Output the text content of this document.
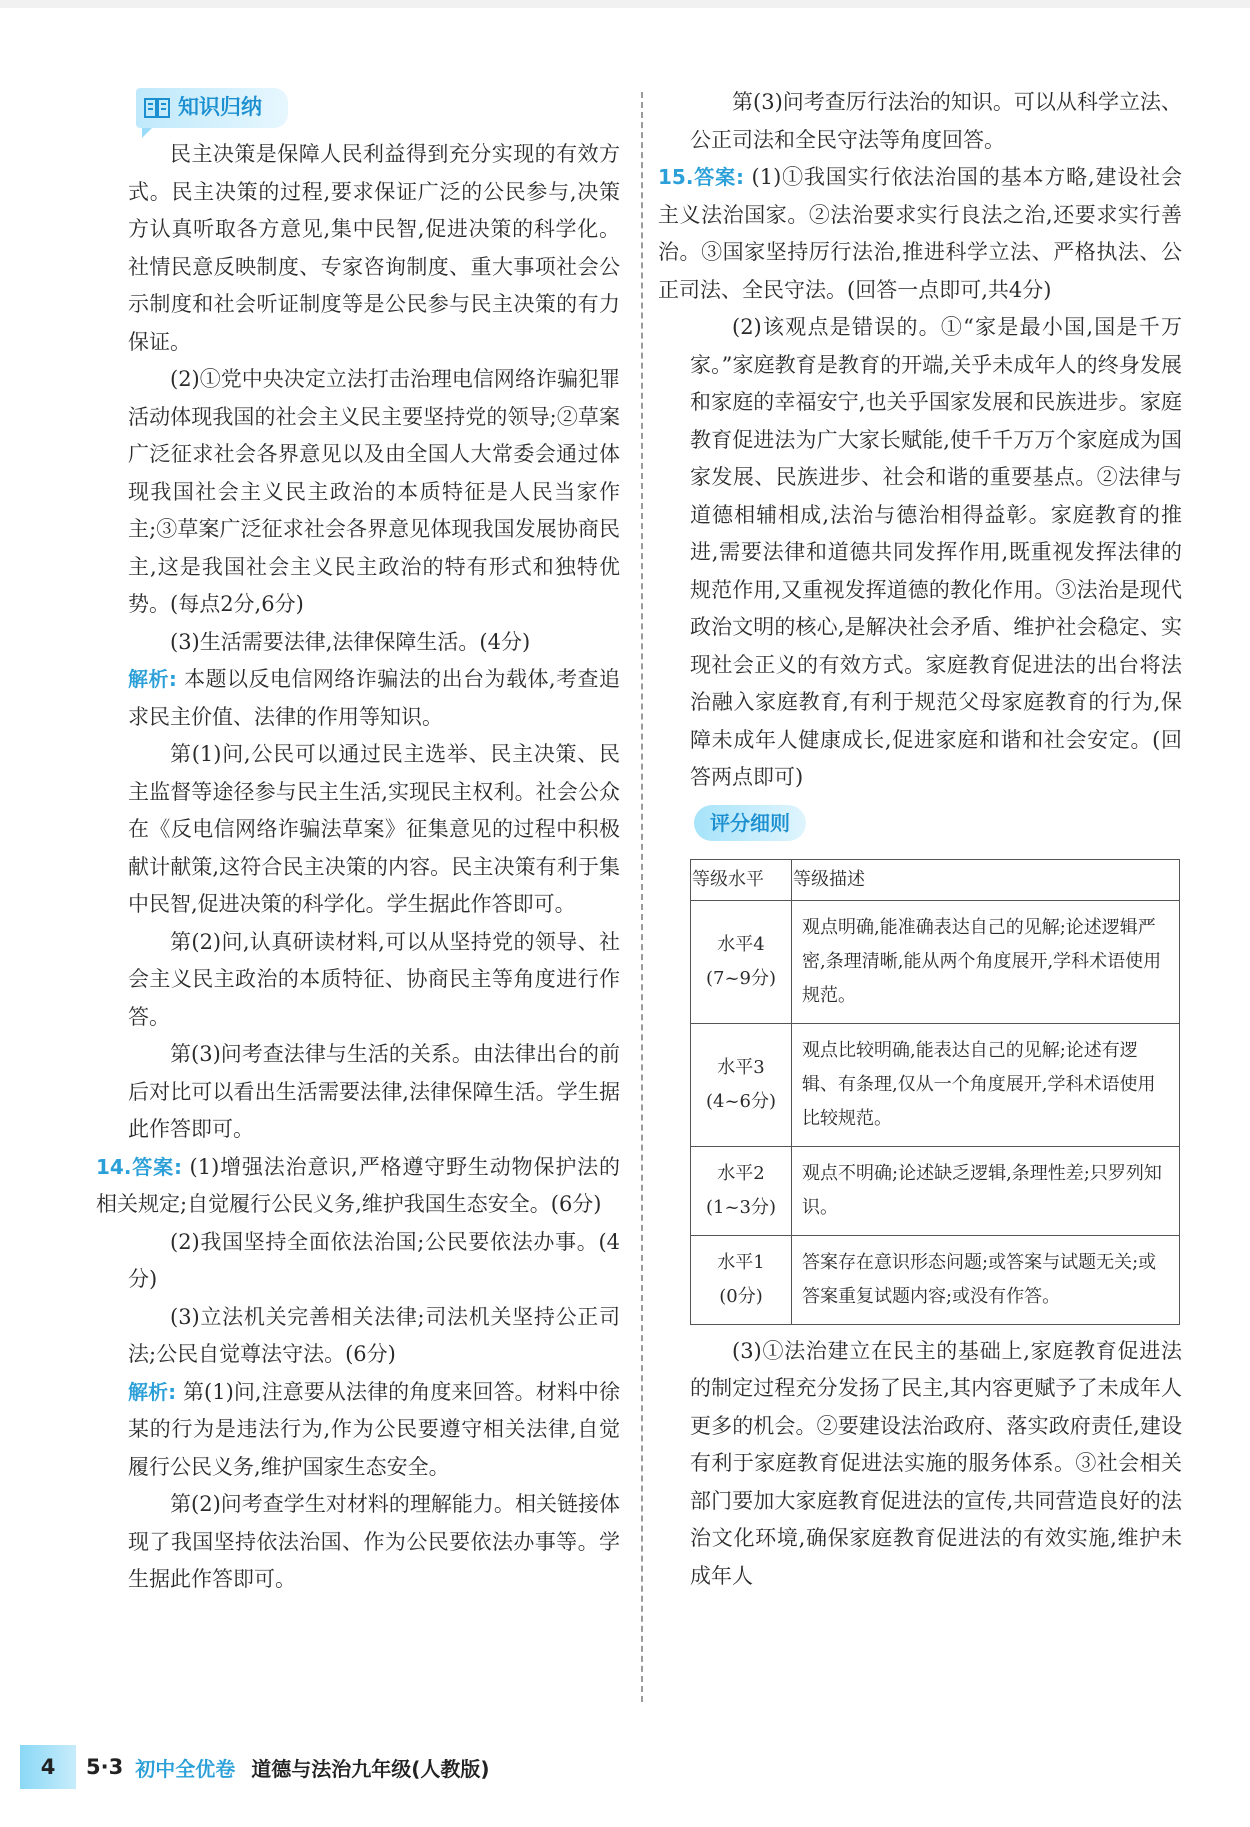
知识归纳

民主决策是保障人民利益得到充分实现的有效方式。民主决策的过程,要求保证广泛的公民参与,决策方认真听取各方意见,集中民智,促进决策的科学化。社情民意反映制度、专家咨询制度、重大事项社会公示制度和社会听证制度等是公民参与民主决策的有力保证。

(2)①党中央决定立法打击治理电信网络诈骗犯罪活动体现我国的社会主义民主要坚持党的领导;②草案广泛征求社会各界意见以及由全国人大常委会通过体现我国社会主义民主政治的本质特征是人民当家作主;③草案广泛征求社会各界意见体现我国发展协商民主,这是我国社会主义民主政治的特有形式和独特优势。(每点2分,6分)

(3)生活需要法律,法律保障生活。(4分)

解析: 本题以反电信网络诈骗法的出台为载体,考查追求民主价值、法律的作用等知识。

第(1)问,公民可以通过民主选举、民主决策、民主监督等途径参与民主生活,实现民主权利。社会公众在《反电信网络诈骗法草案》征集意见的过程中积极献计献策,这符合民主决策的内容。民主决策有利于集中民智,促进决策的科学化。学生据此作答即可。

第(2)问,认真研读材料,可以从坚持党的领导、社会主义民主政治的本质特征、协商民主等角度进行作答。

第(3)问考查法律与生活的关系。由法律出台的前后对比可以看出生活需要法律,法律保障生活。学生据此作答即可。

14.答案: (1)增强法治意识,严格遵守野生动物保护法的相关规定;自觉履行公民义务,维护我国生态安全。(6分)

(2)我国坚持全面依法治国;公民要依法办事。(4分)

(3)立法机关完善相关法律;司法机关坚持公正司法;公民自觉尊法守法。(6分)

解析: 第(1)问,注意要从法律的角度来回答。材料中徐某的行为是违法行为,作为公民要遵守相关法律,自觉履行公民义务,维护国家生态安全。

第(2)问考查学生对材料的理解能力。相关链接体现了我国坚持依法治国、作为公民要依法办事等。学生据此作答即可。

第(3)问考查厉行法治的知识。可以从科学立法、公正司法和全民守法等角度回答。

15.答案: (1)①我国实行依法治国的基本方略,建设社会主义法治国家。②法治要求实行良法之治,还要求实行善治。③国家坚持厉行法治,推进科学立法、严格执法、公正司法、全民守法。(回答一点即可,共4分)

(2)该观点是错误的。①“家是最小国,国是千万家。”家庭教育是教育的开端,关乎未成年人的终身发展和家庭的幸福安宁,也关乎国家发展和民族进步。家庭教育促进法为广大家长赋能,使千千万万个家庭成为国家发展、民族进步、社会和谐的重要基点。②法律与道德相辅相成,法治与德治相得益彰。家庭教育的推进,需要法律和道德共同发挥作用,既重视发挥法律的规范作用,又重视发挥道德的教化作用。③法治是现代政治文明的核心,是解决社会矛盾、维护社会稳定、实现社会正义的有效方式。家庭教育促进法的出台将法治融入家庭教育,有利于规范父母家庭教育的行为,保障未成年人健康成长,促进家庭和谐和社会安定。(回答两点即可)

评分细则
等级水平	等级描述

水平4
(7~9分)	观点明确,能准确表达自己的见解;论述逻辑严密,条理清晰,能从两个角度展开,学科术语使用规范。

水平3
(4~6分)	观点比较明确,能表达自己的见解;论述有逻辑、有条理,仅从一个角度展开,学科术语使用比较规范。

水平2
(1~3分)	观点不明确;论述缺乏逻辑,条理性差;只罗列知识。

水平1
(0分)	答案存在意识形态问题;或答案与试题无关;或答案重复试题内容;或没有作答。

(3)①法治建立在民主的基础上,家庭教育促进法的制定过程充分发扬了民主,其内容更赋予了未成年人更多的机会。②要建设法治政府、落实政府责任,建设有利于家庭教育促进法实施的服务体系。③社会相关部门要加大家庭教育促进法的宣传,共同营造良好的法治文化环境,确保家庭教育促进法的有效实施,维护未成年人

4	5·3 初中全优卷 道德与法治九年级(人教版)
